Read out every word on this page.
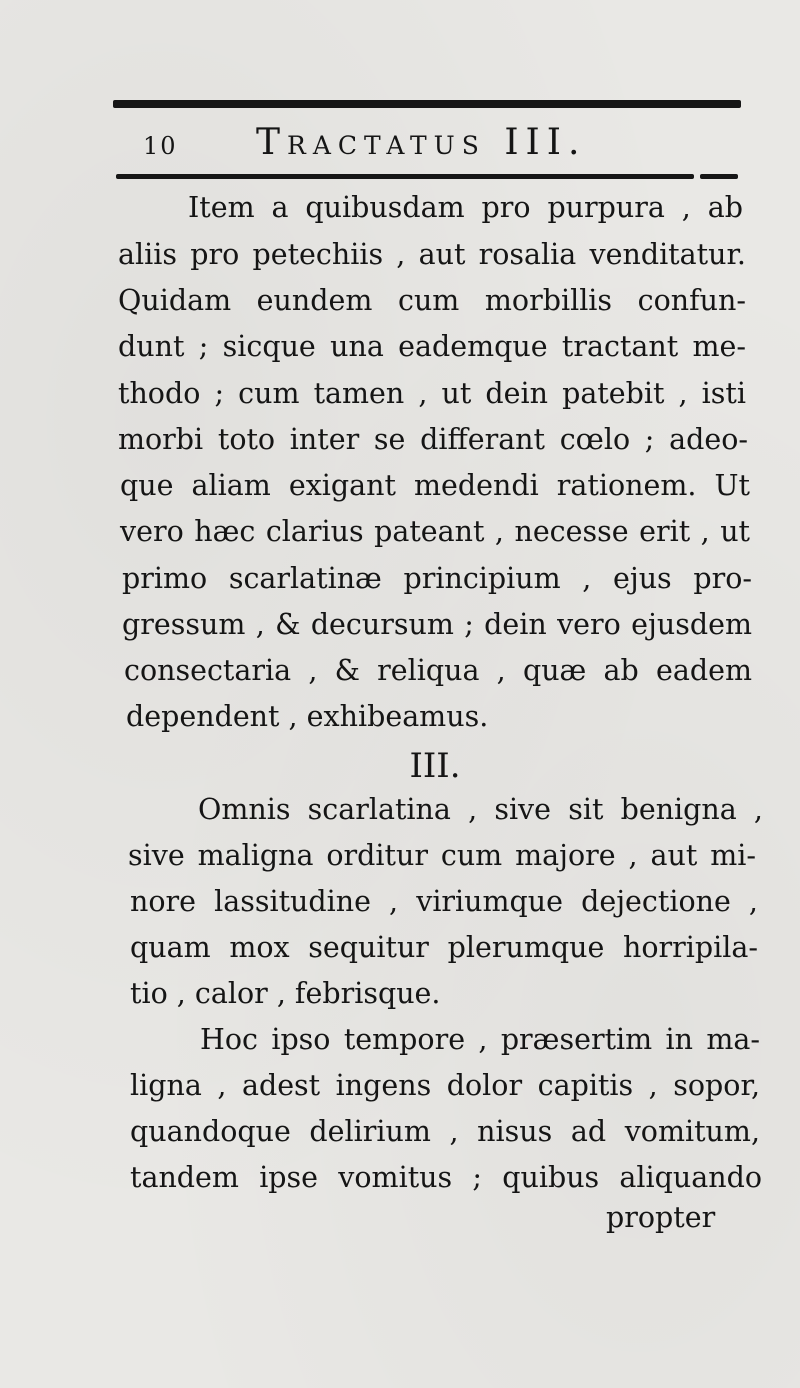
10 Tractatus III.
Item a quibusdam pro purpura , ab
aliis pro petechiis , aut rosalia venditatur.
Quidam eundem cum morbillis confun-
dunt ; sicque una eademque tractant me-
thodo ; cum tamen , ut dein patebit , isti
morbi toto inter se differant cœlo ; adeo-
que aliam exigant medendi rationem. Ut
vero hæc clarius pateant , necesse erit , ut
primo scarlatinæ principium , ejus pro-
gressum , & decursum ; dein vero ejusdem
consectaria , & reliqua , quæ ab eadem
dependent , exhibeamus.
III.
Omnis scarlatina , sive sit benigna ,
sive maligna orditur cum majore , aut mi-
nore lassitudine , viriumque dejectione ,
quam mox sequitur plerumque horripila-
tio , calor , febrisque.
Hoc ipso tempore , præsertim in ma-
ligna , adest ingens dolor capitis , sopor,
quandoque delirium , nisus ad vomitum,
tandem ipse vomitus ; quibus aliquando
propter
